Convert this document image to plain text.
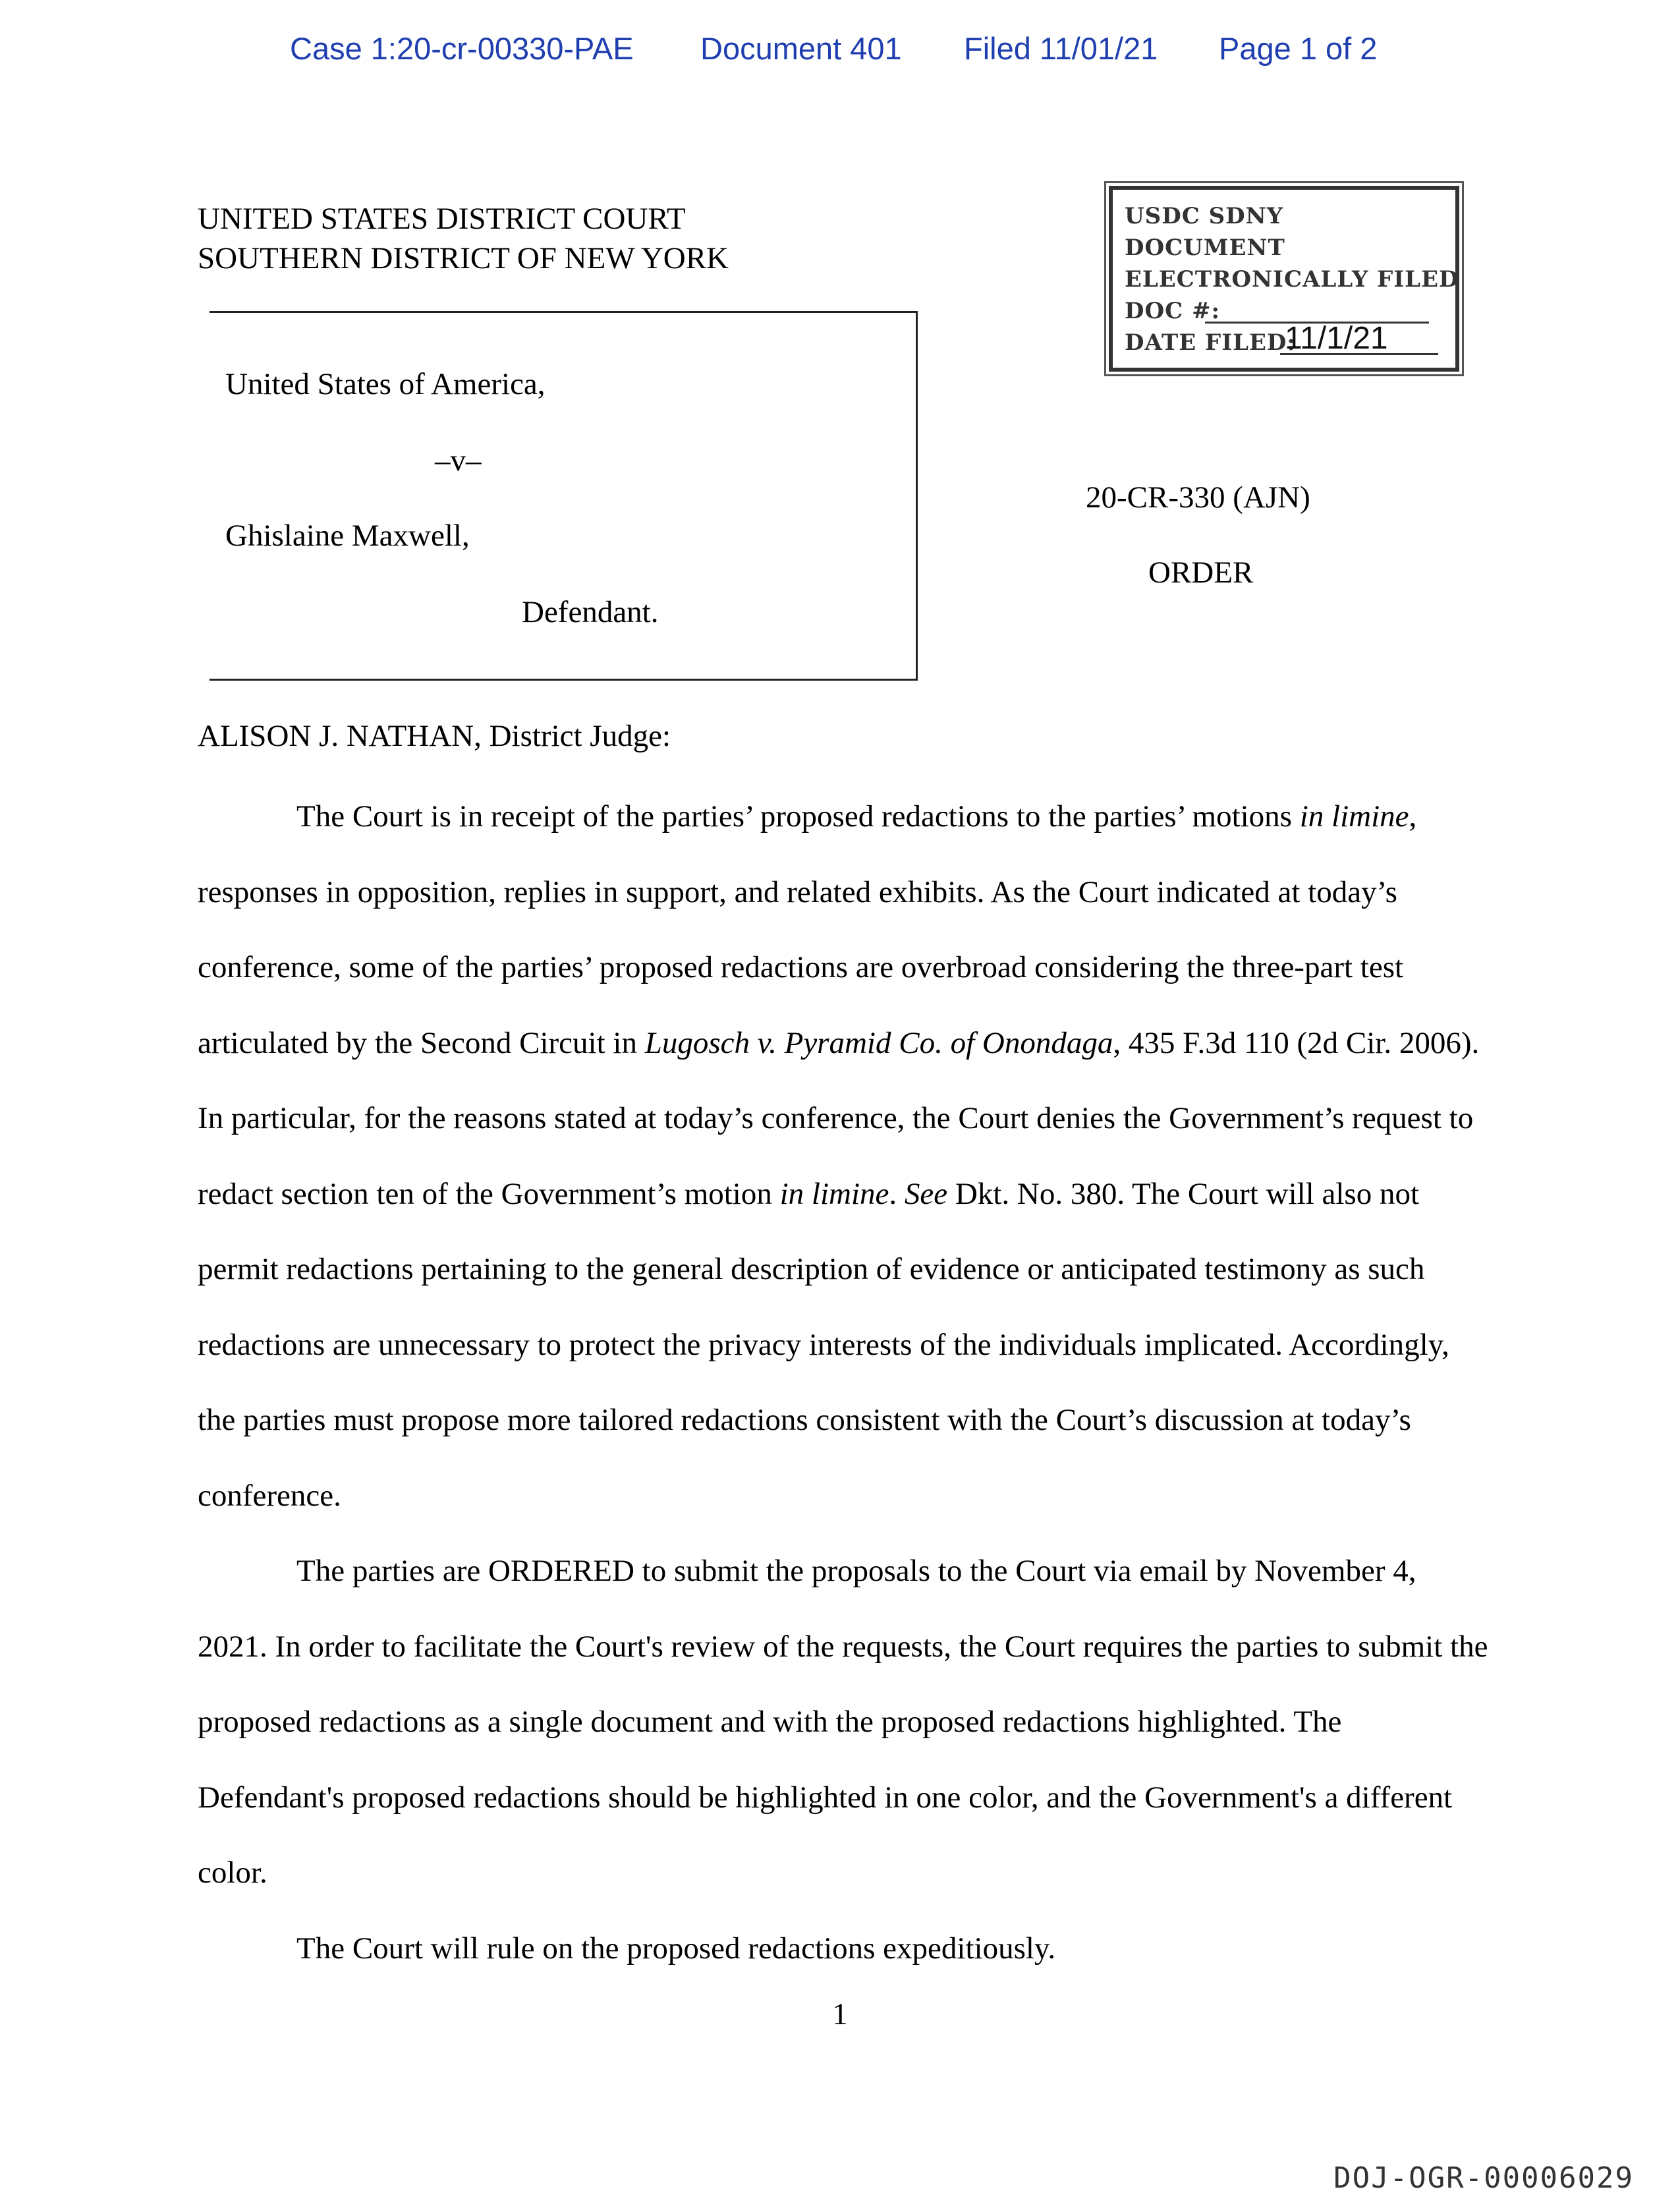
Case 1:20-cr-00330-PAE Document 401 Filed 11/01/21 Page 1 of 2
UNITED STATES DISTRICT COURT
SOUTHERN DISTRICT OF NEW YORK
USDC SDNY
DOCUMENT
ELECTRONICALLY FILED
DOC #:
DATE FILED:
11/1/21
United States of America,
–v–
Ghislaine Maxwell,
Defendant.
20-CR-330 (AJN)
ORDER
ALISON J. NATHAN, District Judge:

The Court is in receipt of the parties’ proposed redactions to the parties’ motions in limine, responses in opposition, replies in support, and related exhibits. As the Court indicated at today’s conference, some of the parties’ proposed redactions are overbroad considering the three-part test articulated by the Second Circuit in Lugosch v. Pyramid Co. of Onondaga, 435 F.3d 110 (2d Cir. 2006). In particular, for the reasons stated at today’s conference, the Court denies the Government’s request to redact section ten of the Government’s motion in limine. See Dkt. No. 380. The Court will also not permit redactions pertaining to the general description of evidence or anticipated testimony as such redactions are unnecessary to protect the privacy interests of the individuals implicated. Accordingly, the parties must propose more tailored redactions consistent with the Court’s discussion at today’s conference.

The parties are ORDERED to submit the proposals to the Court via email by November 4, 2021. In order to facilitate the Court's review of the requests, the Court requires the parties to submit the proposed redactions as a single document and with the proposed redactions highlighted. The Defendant's proposed redactions should be highlighted in one color, and the Government's a different color.

The Court will rule on the proposed redactions expeditiously.

1
DOJ-OGR-00006029
